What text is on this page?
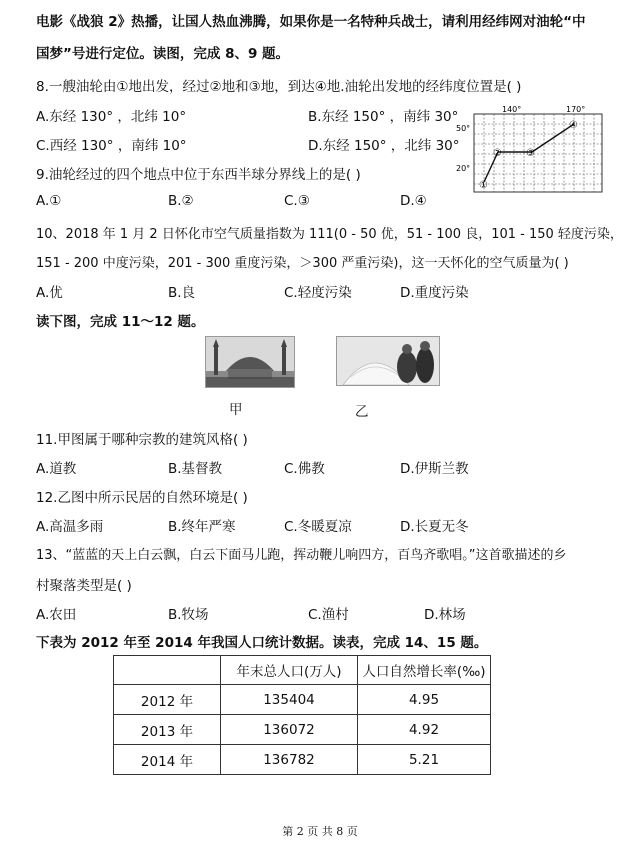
电影《战狼 2》热播，让国人热血沸腾，如果你是一名特种兵战士，请利用经纬网对油轮“中
国梦”号进行定位。读图，完成 8、9 题。
8.一艘油轮由①地出发，经过②地和③地，到达④地.油轮出发地的经纬度位置是( )
A.东经 130° ，北纬 10°	B.东经 150° ，南纬 30°
C.西经 130° ，南纬 10°	D.东经 150° ，北纬 30°
140°	170°
50°
20°
①
② ③
④
9.油轮经过的四个地点中位于东西半球分界线上的是( )
A.①	B.②	C.③	D.④
10、2018 年 1 月 2 日怀化市空气质量指数为 111(0 - 50 优，51 - 100 良，101 - 150 轻度污染，
151 - 200 中度污染，201 - 300 重度污染，＞300 严重污染)，这一天怀化的空气质量为( )
A.优	B.良	C.轻度污染	D.重度污染
读下图，完成 11～12 题。
甲	乙
11.甲图属于哪种宗教的建筑风格( )
A.道教	B.基督教	C.佛教	D.伊斯兰教
12.乙图中所示民居的自然环境是( )
A.高温多雨	B.终年严寒	C.冬暖夏凉	D.长夏无冬
13、“蓝蓝的天上白云飘，白云下面马儿跑，挥动鞭儿响四方，百鸟齐歌唱。”这首歌描述的乡
村聚落类型是( )
A.农田	B.牧场	C.渔村	D.林场
下表为 2012 年至 2014 年我国人口统计数据。读表，完成 14、15 题。
	年末总人口(万人)	人口自然增长率(‰)
2012 年	135404	4.95
2013 年	136072	4.92
2014 年	136782	5.21
第 2 页 共 8 页
